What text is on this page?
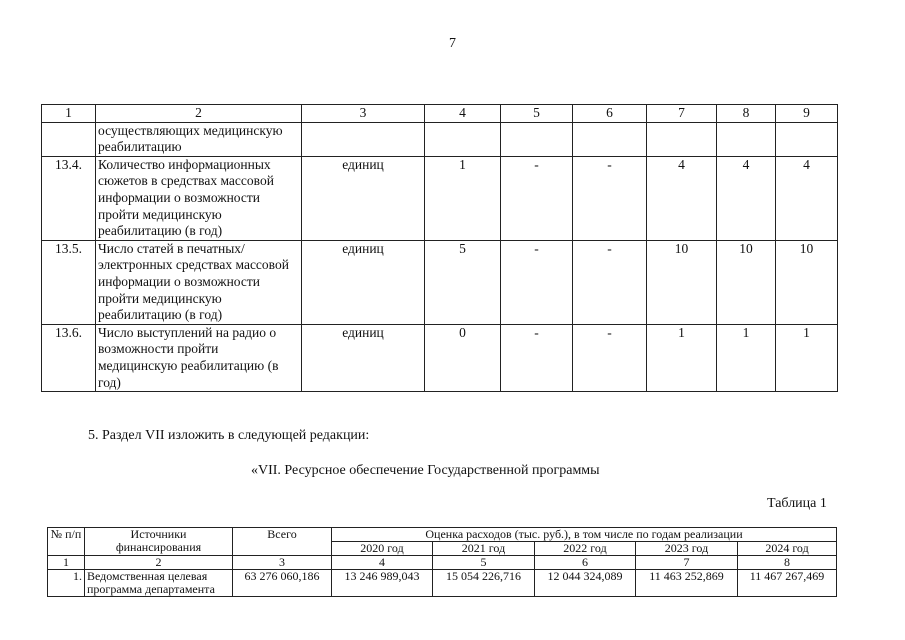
7
1	2	3	4	5	6	7	8	9
	осуществляющих медицинскую реабилитацию							
13.4.	Количество информационных сюжетов в средствах массовой информации о возможности пройти медицинскую реабилитацию (в год)	единиц	1	-	-	4	4	4
13.5.	Число статей в печатных/электронных средствах массовой информации о возможности пройти медицинскую реабилитацию (в год)	единиц	5	-	-	10	10	10
13.6.	Число выступлений на радио о возможности пройти медицинскую реабилитацию (в год)	единиц	0	-	-	1	1	1
5. Раздел VII изложить в следующей редакции:
«VII. Ресурсное обеспечение Государственной программы
Таблица 1
№ п/п	Источники финансирования	Всего	Оценка расходов (тыс. руб.), в том числе по годам реализации				
			2020 год	2021 год	2022 год	2023 год	2024 год
1	2	3	4	5	6	7	8
1.	Ведомственная целевая программа департамента	63 276 060,186	13 246 989,043	15 054 226,716	12 044 324,089	11 463 252,869	11 467 267,469
